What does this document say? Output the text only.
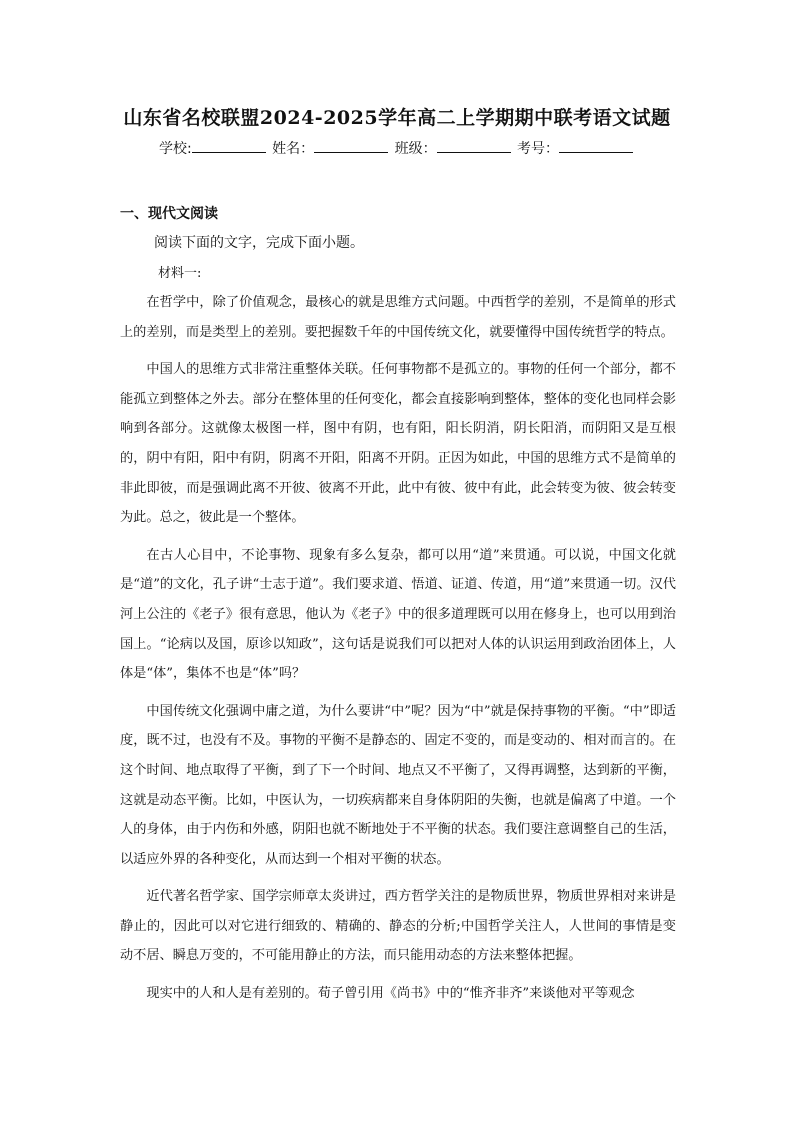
山东省名校联盟2024-2025学年高二上学期期中联考语文试题
学校:	姓名：	班级：	考号：
一、现代文阅读
阅读下面的文字，完成下面小题。
材料一:

在哲学中，除了价值观念，最核心的就是思维方式问题。中西哲学的差别，不是简单的形式上的差别，而是类型上的差别。要把握数千年的中国传统文化，就要懂得中国传统哲学的特点。

中国人的思维方式非常注重整体关联。任何事物都不是孤立的。事物的任何一个部分，都不能孤立到整体之外去。部分在整体里的任何变化，都会直接影响到整体，整体的变化也同样会影响到各部分。这就像太极图一样，图中有阴，也有阳，阳长阴消，阴长阳消，而阴阳又是互根的，阴中有阳，阳中有阴，阴离不开阳，阳离不开阴。正因为如此，中国的思维方式不是简单的非此即彼，而是强调此离不开彼、彼离不开此，此中有彼、彼中有此，此会转变为彼、彼会转变为此。总之，彼此是一个整体。

在古人心目中，不论事物、现象有多么复杂，都可以用“道”来贯通。可以说，中国文化就是“道”的文化，孔子讲“士志于道”。我们要求道、悟道、证道、传道，用“道”来贯通一切。汉代河上公注的《老子》很有意思，他认为《老子》中的很多道理既可以用在修身上，也可以用到治国上。“论病以及国，原诊以知政”，这句话是说我们可以把对人体的认识运用到政治团体上，人体是“体”，集体不也是“体”吗？

中国传统文化强调中庸之道，为什么要讲“中”呢？因为“中”就是保持事物的平衡。“中”即适度，既不过，也没有不及。事物的平衡不是静态的、固定不变的，而是变动的、相对而言的。在这个时间、地点取得了平衡，到了下一个时间、地点又不平衡了，又得再调整，达到新的平衡，这就是动态平衡。比如，中医认为，一切疾病都来自身体阴阳的失衡，也就是偏离了中道。一个人的身体，由于内伤和外感，阴阳也就不断地处于不平衡的状态。我们要注意调整自己的生活，以适应外界的各种变化，从而达到一个相对平衡的状态。

近代著名哲学家、国学宗师章太炎讲过，西方哲学关注的是物质世界，物质世界相对来讲是静止的，因此可以对它进行细致的、精确的、静态的分析;中国哲学关注人，人世间的事情是变动不居、瞬息万变的，不可能用静止的方法，而只能用动态的方法来整体把握。

现实中的人和人是有差别的。荀子曾引用《尚书》中的“惟齐非齐”来谈他对平等观念
